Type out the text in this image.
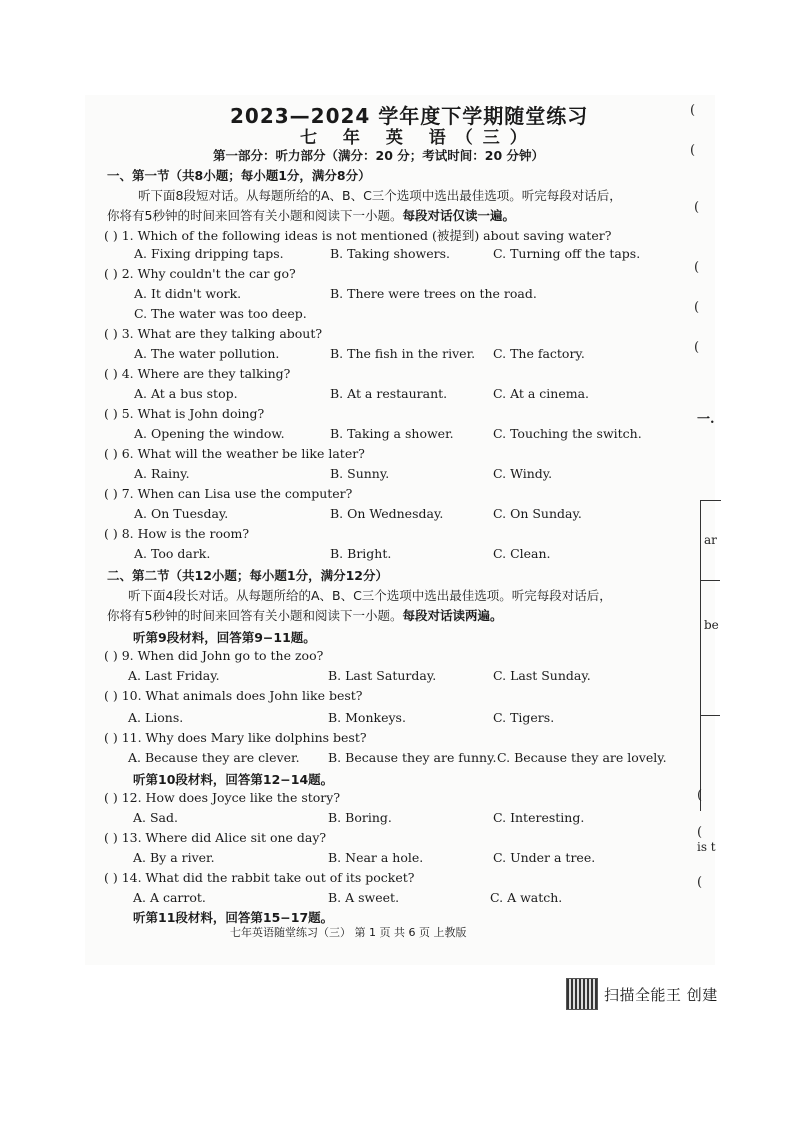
2023—2024 学年度下学期随堂练习
七 年 英 语（三）
第一部分：听力部分（满分：20 分；考试时间：20 分钟）
一、第一节（共8小题；每小题1分，满分8分）
听下面8段短对话。从每题所给的A、B、C三个选项中选出最佳选项。听完每段对话后，
你将有5秒钟的时间来回答有关小题和阅读下一小题。每段对话仅读一遍。
( ) 1. Which of the following ideas is not mentioned (被提到) about saving water?
A. Fixing dripping taps.	B. Taking showers.	C. Turning off the taps.
( ) 2. Why couldn't the car go?
A. It didn't work.	B. There were trees on the road.
C. The water was too deep.
( ) 3. What are they talking about?
A. The water pollution.	B. The fish in the river. C. The factory.
( ) 4. Where are they talking?
A. At a bus stop.	B. At a restaurant.	C. At a cinema.
( ) 5. What is John doing?
A. Opening the window.	B. Taking a shower.	C. Touching the switch.
( ) 6. What will the weather be like later?
A. Rainy.	B. Sunny.	C. Windy.
( ) 7. When can Lisa use the computer?
A. On Tuesday.	B. On Wednesday.	C. On Sunday.
( ) 8. How is the room?
A. Too dark.	B. Bright.	C. Clean.
二、第二节（共12小题；每小题1分，满分12分）
听下面4段长对话。从每题所给的A、B、C三个选项中选出最佳选项。听完每段对话后，
你将有5秒钟的时间来回答有关小题和阅读下一小题。每段对话读两遍。
听第9段材料，回答第9−11题。
( ) 9. When did John go to the zoo?
A. Last Friday.	B. Last Saturday.	C. Last Sunday.
( ) 10. What animals does John like best?
A. Lions.	B. Monkeys.	C. Tigers.
( ) 11. Why does Mary like dolphins best?
A. Because they are clever. B. Because they are funny. C. Because they are lovely.
听第10段材料，回答第12−14题。
( ) 12. How does Joyce like the story?
A. Sad.	B. Boring.	C. Interesting.
( ) 13. Where did Alice sit one day?
A. By a river.	B. Near a hole.	C. Under a tree.
( ) 14. What did the rabbit take out of its pocket?
A. A carrot.	B. A sweet.	C. A watch.
听第11段材料，回答第15−17题。
七年英语随堂练习（三） 第 1 页 共 6 页 上教版
(
(
(
(
(
(
一.
ar
be
(
(
is t
(
扫描全能王 创建
